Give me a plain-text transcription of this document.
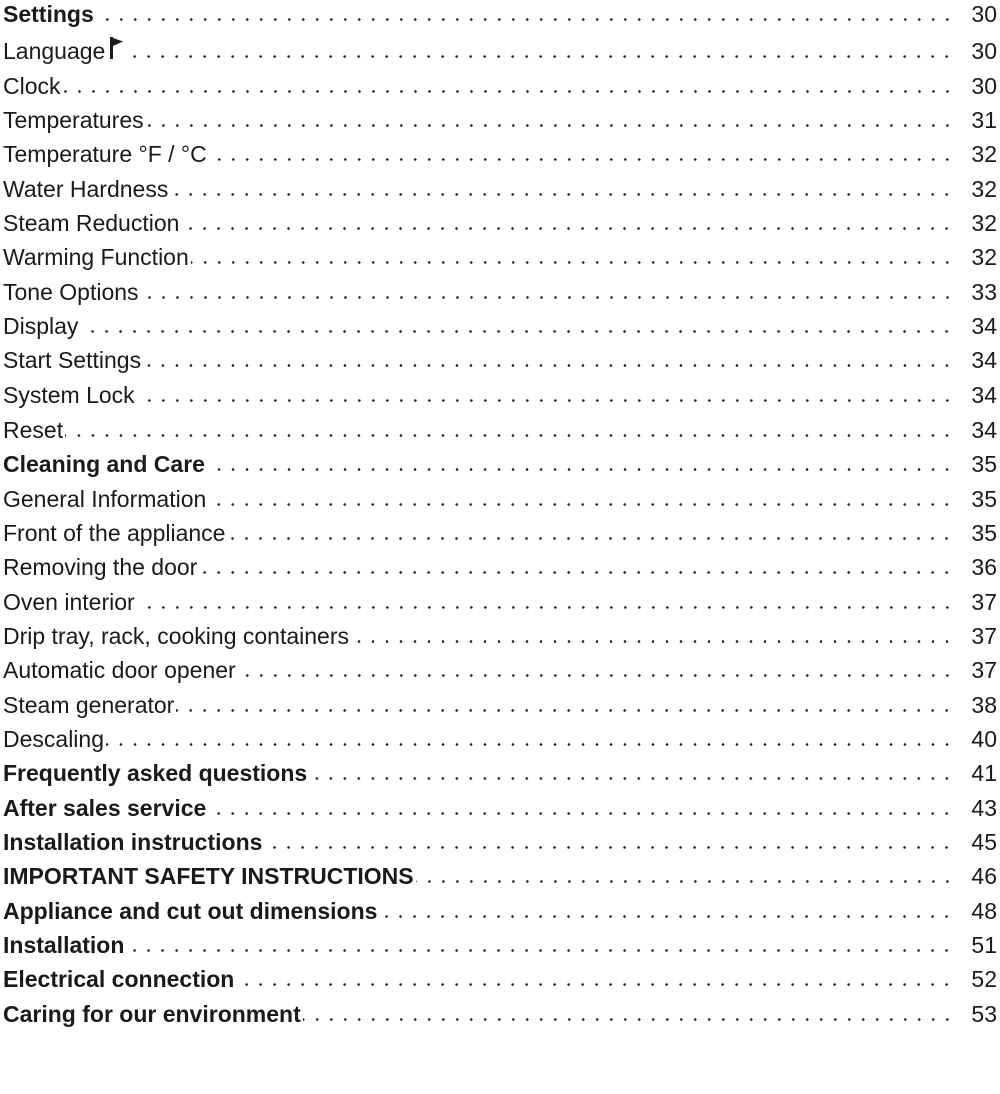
Settings	30
Language	30
Clock	30
Temperatures	31
Temperature °F / °C	32
Water Hardness	32
Steam Reduction	32
Warming Function	32
Tone Options	33
Display	34
Start Settings	34
System Lock	34
Reset	34
Cleaning and Care	35
General Information	35
Front of the appliance	35
Removing the door	36
Oven interior	37
Drip tray, rack, cooking containers	37
Automatic door opener	37
Steam generator	38
Descaling	40
Frequently asked questions	41
After sales service	43
Installation instructions	45
IMPORTANT SAFETY INSTRUCTIONS	46
Appliance and cut out dimensions	48
Installation	51
Electrical connection	52
Caring for our environment	53
